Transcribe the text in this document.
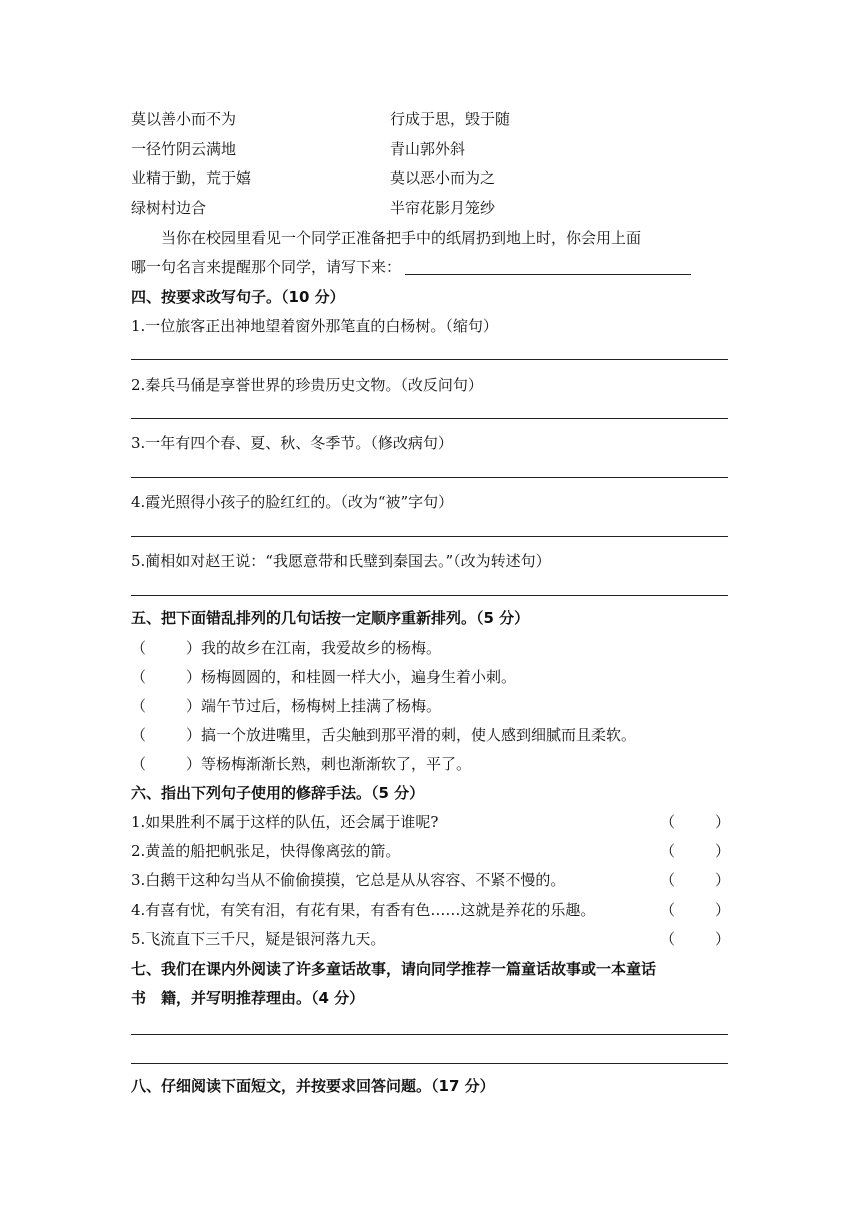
莫以善小而不为	行成于思，毁于随
一径竹阴云满地	青山郭外斜
业精于勤，荒于嬉	莫以恶小而为之
绿树村边合	半帘花影月笼纱
当你在校园里看见一个同学正准备把手中的纸屑扔到地上时，你会用上面
哪一句名言来提醒那个同学，请写下来：
四、按要求改写句子。（10 分）
1.一位旅客正出神地望着窗外那笔直的白杨树。（缩句）
2.秦兵马俑是享誉世界的珍贵历史文物。（改反问句）
3.一年有四个春、夏、秋、冬季节。（修改病句）
4.霞光照得小孩子的脸红红的。（改为“被”字句）
5.蔺相如对赵王说：“我愿意带和氏璧到秦国去。”（改为转述句）
五、把下面错乱排列的几句话按一定顺序重新排列。（5 分）
（	）我的故乡在江南，我爱故乡的杨梅。
（	）杨梅圆圆的，和桂圆一样大小，遍身生着小刺。
（	）端午节过后，杨梅树上挂满了杨梅。
（	）搞一个放进嘴里，舌尖触到那平滑的刺，使人感到细腻而且柔软。
（	）等杨梅渐渐长熟，刺也渐渐软了，平了。
六、指出下列句子使用的修辞手法。（5 分）
1.如果胜利不属于这样的队伍，还会属于谁呢?	（	）
2.黄盖的船把帆张足，快得像离弦的箭。	（	）
3.白鹅干这种勾当从不偷偷摸摸，它总是从从容容、不紧不慢的。	（	）
4.有喜有忧，有笑有泪，有花有果，有香有色……这就是养花的乐趣。	（	）
5.飞流直下三千尺，疑是银河落九天。	（	）
七、我们在课内外阅读了许多童话故事，请向同学推荐一篇童话故事或一本童话
书　籍，并写明推荐理由。（4 分）
八、仔细阅读下面短文，并按要求回答问题。（17 分）
